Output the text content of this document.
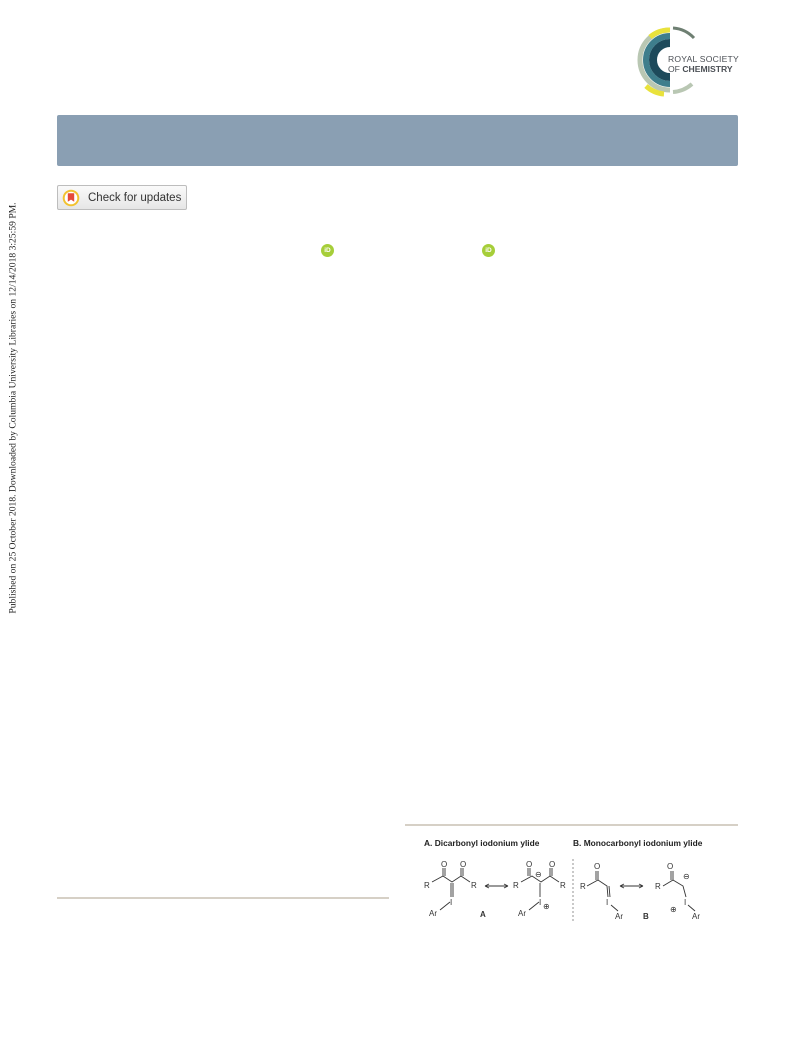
Published on 25 October 2018. Downloaded by Columbia University Libraries on 12/14/2018 3:25:59 PM.
ROYAL SOCIETY
OF CHEMISTRY
Check for updates
iD	iD
A. Dicarbonyl iodonium ylide	B. Monocarbonyl iodonium ylide
R	R
O O
I
Ar	A
R	R
O O
⊖
I ⊕
Ar
R
O
I
Ar	B
R
O
⊖
I
⊕
Ar
